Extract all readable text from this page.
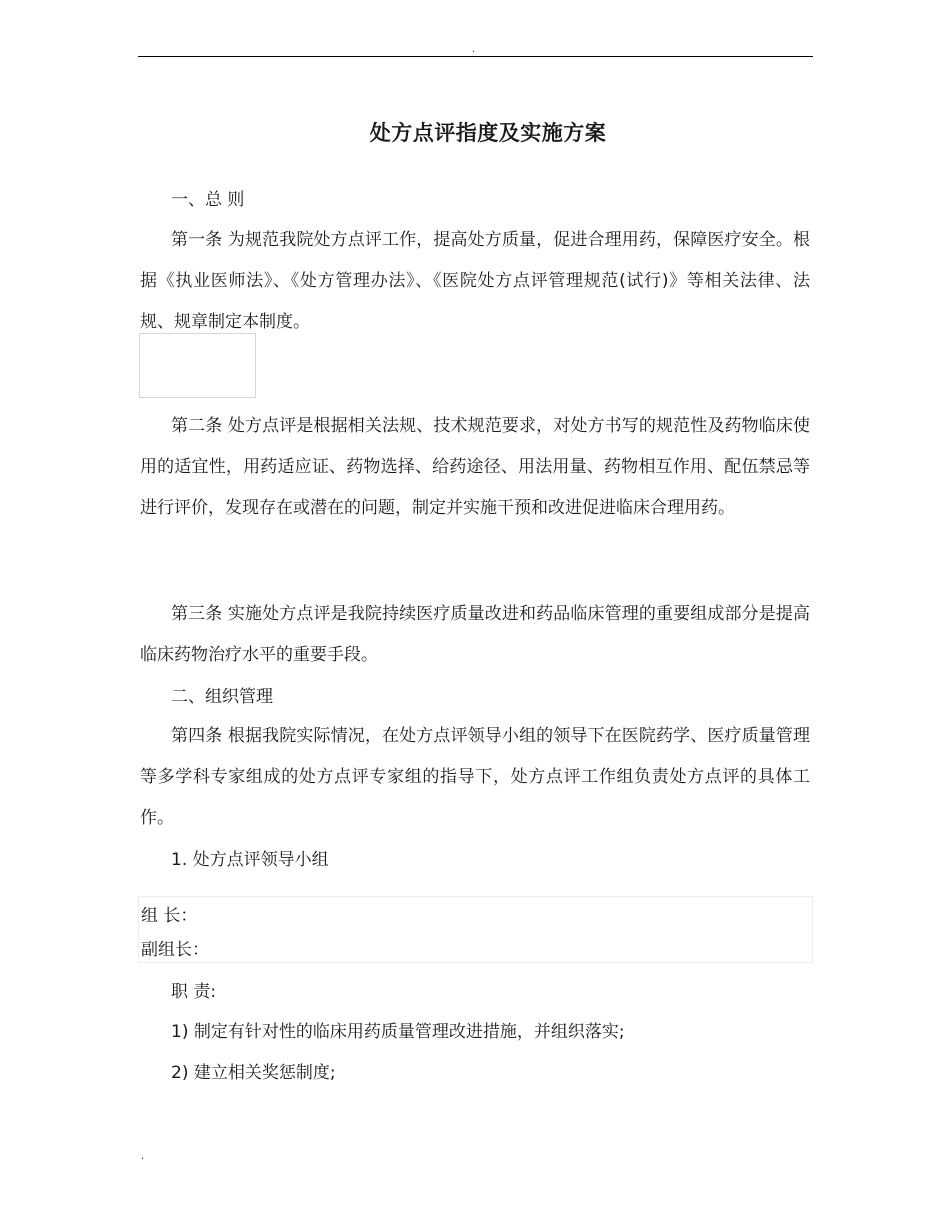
.
处方点评指度及实施方案
一、总 则
第一条 为规范我院处方点评工作，提高处方质量，促进合理用药，保障医疗安全。根据《执业医师法》、《处方管理办法》、《医院处方点评管理规范(试行)》等相关法律、法规、规章制定本制度。
第二条 处方点评是根据相关法规、技术规范要求，对处方书写的规范性及药物临床使用的适宜性，用药适应证、药物选择、给药途径、用法用量、药物相互作用、配伍禁忌等进行评价，发现存在或潜在的问题，制定并实施干预和改进促进临床合理用药。
第三条 实施处方点评是我院持续医疗质量改进和药品临床管理的重要组成部分是提高临床药物治疗水平的重要手段。
二、组织管理
第四条 根据我院实际情况，在处方点评领导小组的领导下在医院药学、医疗质量管理等多学科专家组成的处方点评专家组的指导下，处方点评工作组负责处方点评的具体工作。
1. 处方点评领导小组
组 长：
副组长：
职 责:
1) 制定有针对性的临床用药质量管理改进措施，并组织落实;
2) 建立相关奖惩制度;
.
